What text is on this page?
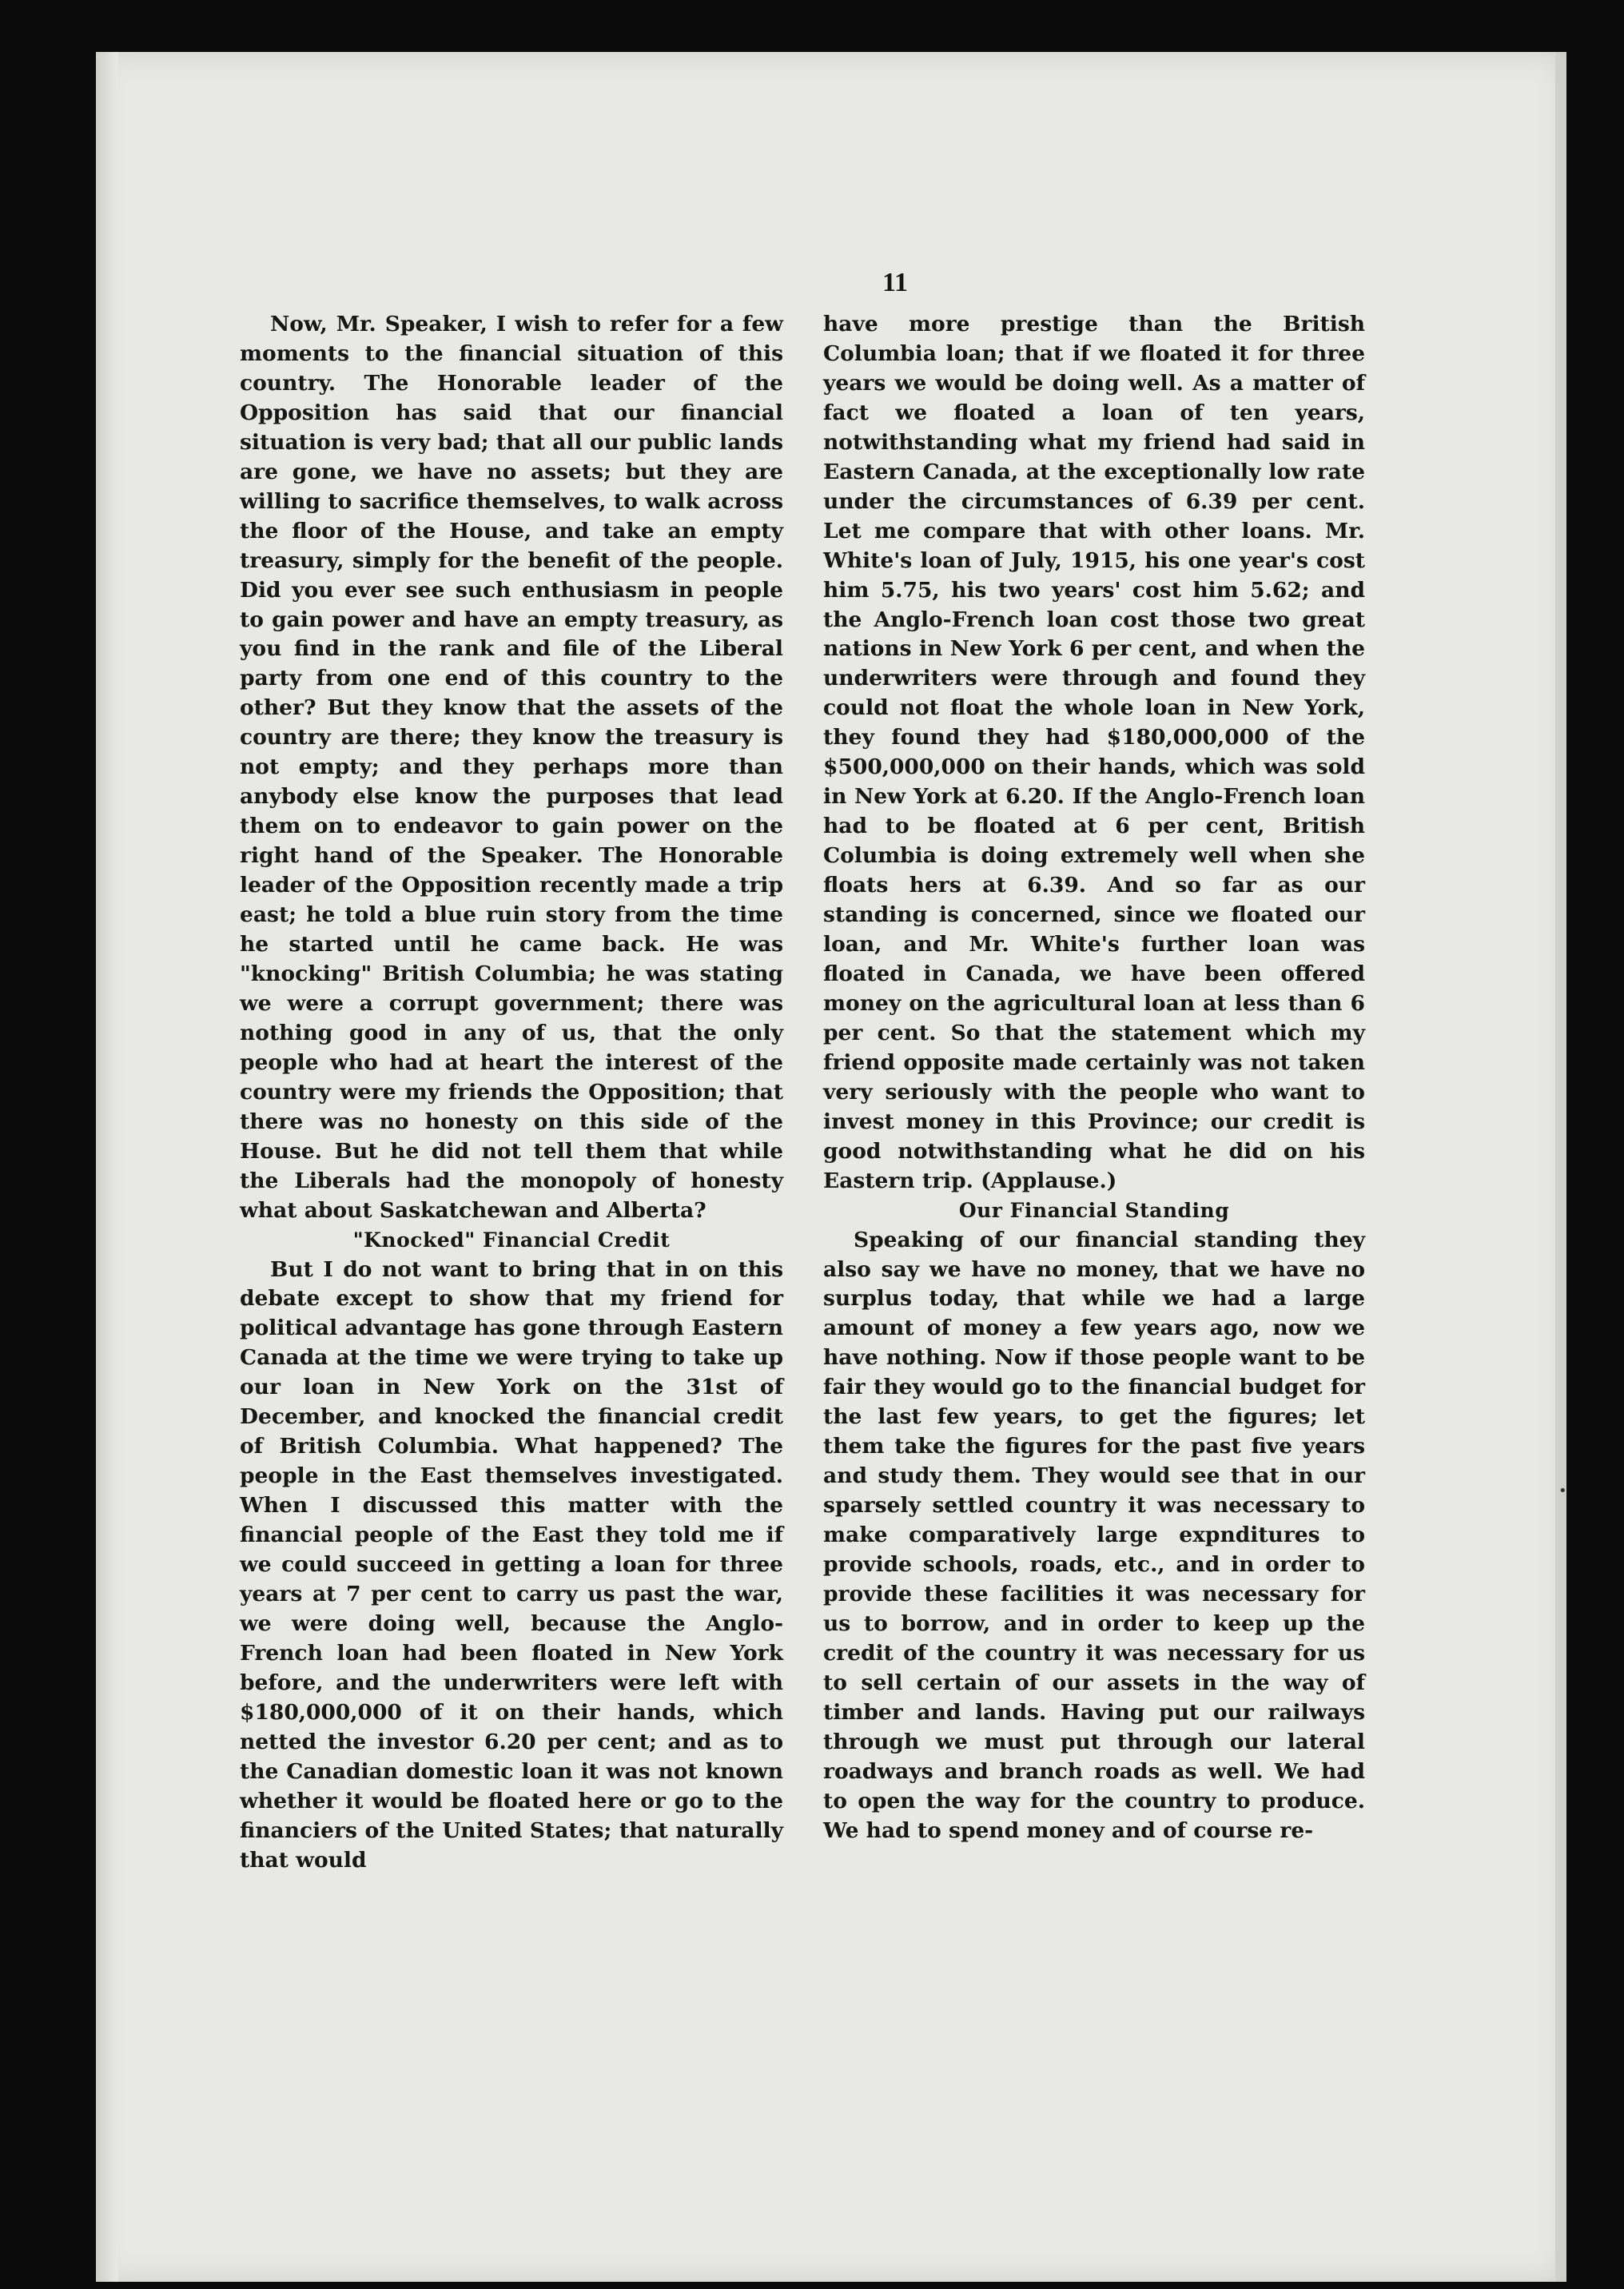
11

Now, Mr. Speaker, I wish to refer for a few moments to the financial situation of this country. The Honorable leader of the Opposition has said that our financial situation is very bad; that all our public lands are gone, we have no assets; but they are willing to sacrifice themselves, to walk across the floor of the House, and take an empty treasury, simply for the benefit of the people. Did you ever see such enthusiasm in people to gain power and have an empty treasury, as you find in the rank and file of the Liberal party from one end of this country to the other? But they know that the assets of the country are there; they know the treasury is not empty; and they perhaps more than anybody else know the purposes that lead them on to endeavor to gain power on the right hand of the Speaker. The Honorable leader of the Opposition recently made a trip east; he told a blue ruin story from the time he started until he came back. He was "knocking" British Columbia; he was stating we were a corrupt government; there was nothing good in any of us, that the only people who had at heart the interest of the country were my friends the Opposition; that there was no honesty on this side of the House. But he did not tell them that while the Liberals had the monopoly of honesty what about Saskatchewan and Alberta?

"Knocked" Financial Credit

But I do not want to bring that in on this debate except to show that my friend for political advantage has gone through Eastern Canada at the time we were trying to take up our loan in New York on the 31st of December, and knocked the financial credit of British Columbia. What happened? The people in the East themselves investigated. When I discussed this matter with the financial people of the East they told me if we could succeed in getting a loan for three years at 7 per cent to carry us past the war, we were doing well, because the Anglo-French loan had been floated in New York before, and the underwriters were left with $180,000,000 of it on their hands, which netted the investor 6.20 per cent; and as to the Canadian domestic loan it was not known whether it would be floated here or go to the financiers of the United States; that naturally that would

have more prestige than the British Columbia loan; that if we floated it for three years we would be doing well. As a matter of fact we floated a loan of ten years, notwithstanding what my friend had said in Eastern Canada, at the exceptionally low rate under the circumstances of 6.39 per cent. Let me compare that with other loans. Mr. White's loan of July, 1915, his one year's cost him 5.75, his two years' cost him 5.62; and the Anglo-French loan cost those two great nations in New York 6 per cent, and when the underwriters were through and found they could not float the whole loan in New York, they found they had $180,000,000 of the $500,000,000 on their hands, which was sold in New York at 6.20. If the Anglo-French loan had to be floated at 6 per cent, British Columbia is doing extremely well when she floats hers at 6.39. And so far as our standing is concerned, since we floated our loan, and Mr. White's further loan was floated in Canada, we have been offered money on the agricultural loan at less than 6 per cent. So that the statement which my friend opposite made certainly was not taken very seriously with the people who want to invest money in this Province; our credit is good notwithstanding what he did on his Eastern trip. (Applause.)

Our Financial Standing

Speaking of our financial standing they also say we have no money, that we have no surplus today, that while we had a large amount of money a few years ago, now we have nothing. Now if those people want to be fair they would go to the financial budget for the last few years, to get the figures; let them take the figures for the past five years and study them. They would see that in our sparsely settled country it was necessary to make comparatively large expnditures to provide schools, roads, etc., and in order to provide these facilities it was necessary for us to borrow, and in order to keep up the credit of the country it was necessary for us to sell certain of our assets in the way of timber and lands. Having put our railways through we must put through our lateral roadways and branch roads as well. We had to open the way for the country to produce. We had to spend money and of course re-

•
